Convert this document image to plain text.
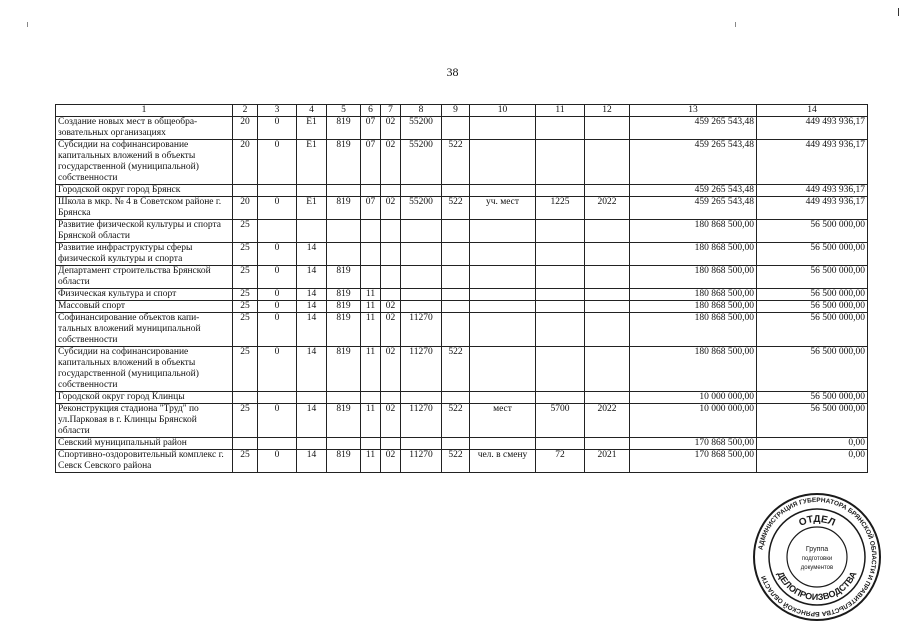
38
1	2	3	4	5	6	7	8	9	10	11	12	13	14
Создание новых мест в общеобра- зовательных организациях	20	0	E1	819	07	02	55200					459 265 543,48	449 493 936,17
Субсидии на софинансирование капитальных вложений в объекты государственной (муниципальной) собственности	20	0	E1	819	07	02	55200	522				459 265 543,48	449 493 936,17
Городской округ город Брянск												459 265 543,48	449 493 936,17
Школа в мкр. № 4 в Советском районе г. Брянска	20	0	E1	819	07	02	55200	522	уч. мест	1225	2022	459 265 543,48	449 493 936,17
Развитие физической культуры и спорта Брянской области	25											180 868 500,00	56 500 000,00
Развитие инфраструктуры сферы физической культуры и спорта	25	0	14									180 868 500,00	56 500 000,00
Департамент строительства Брянской области	25	0	14	819								180 868 500,00	56 500 000,00
Физическая культура и спорт	25	0	14	819	11							180 868 500,00	56 500 000,00
Массовый спорт	25	0	14	819	11	02						180 868 500,00	56 500 000,00
Софинансирование объектов капи- тальных вложений муниципальной собственности	25	0	14	819	11	02	11270					180 868 500,00	56 500 000,00
Субсидии на софинансирование капитальных вложений в объекты государственной (муниципальной) собственности	25	0	14	819	11	02	11270	522				180 868 500,00	56 500 000,00
Городской округ город Клинцы												10 000 000,00	56 500 000,00
Реконструкция стадиона "Труд" по ул.Парковая в г. Клинцы Брянской области	25	0	14	819	11	02	11270	522	мест	5700	2022	10 000 000,00	56 500 000,00
Севский муниципальный район												170 868 500,00	0,00
Спортивно-оздоровительный комплекс г. Севск Севского района	25	0	14	819	11	02	11270	522	чел. в смену	72	2021	170 868 500,00	0,00
АДМИНИСТРАЦИЯ ГУБЕРНАТОРА БРЯНСКОЙ ОБЛАСТИ И ПРАВИТЕЛЬСТВА БРЯНСКОЙ ОБЛАСТИ
ОТДЕЛ
ДЕЛОПРОИЗВОДСТВА
Группа
подготовки
документов
